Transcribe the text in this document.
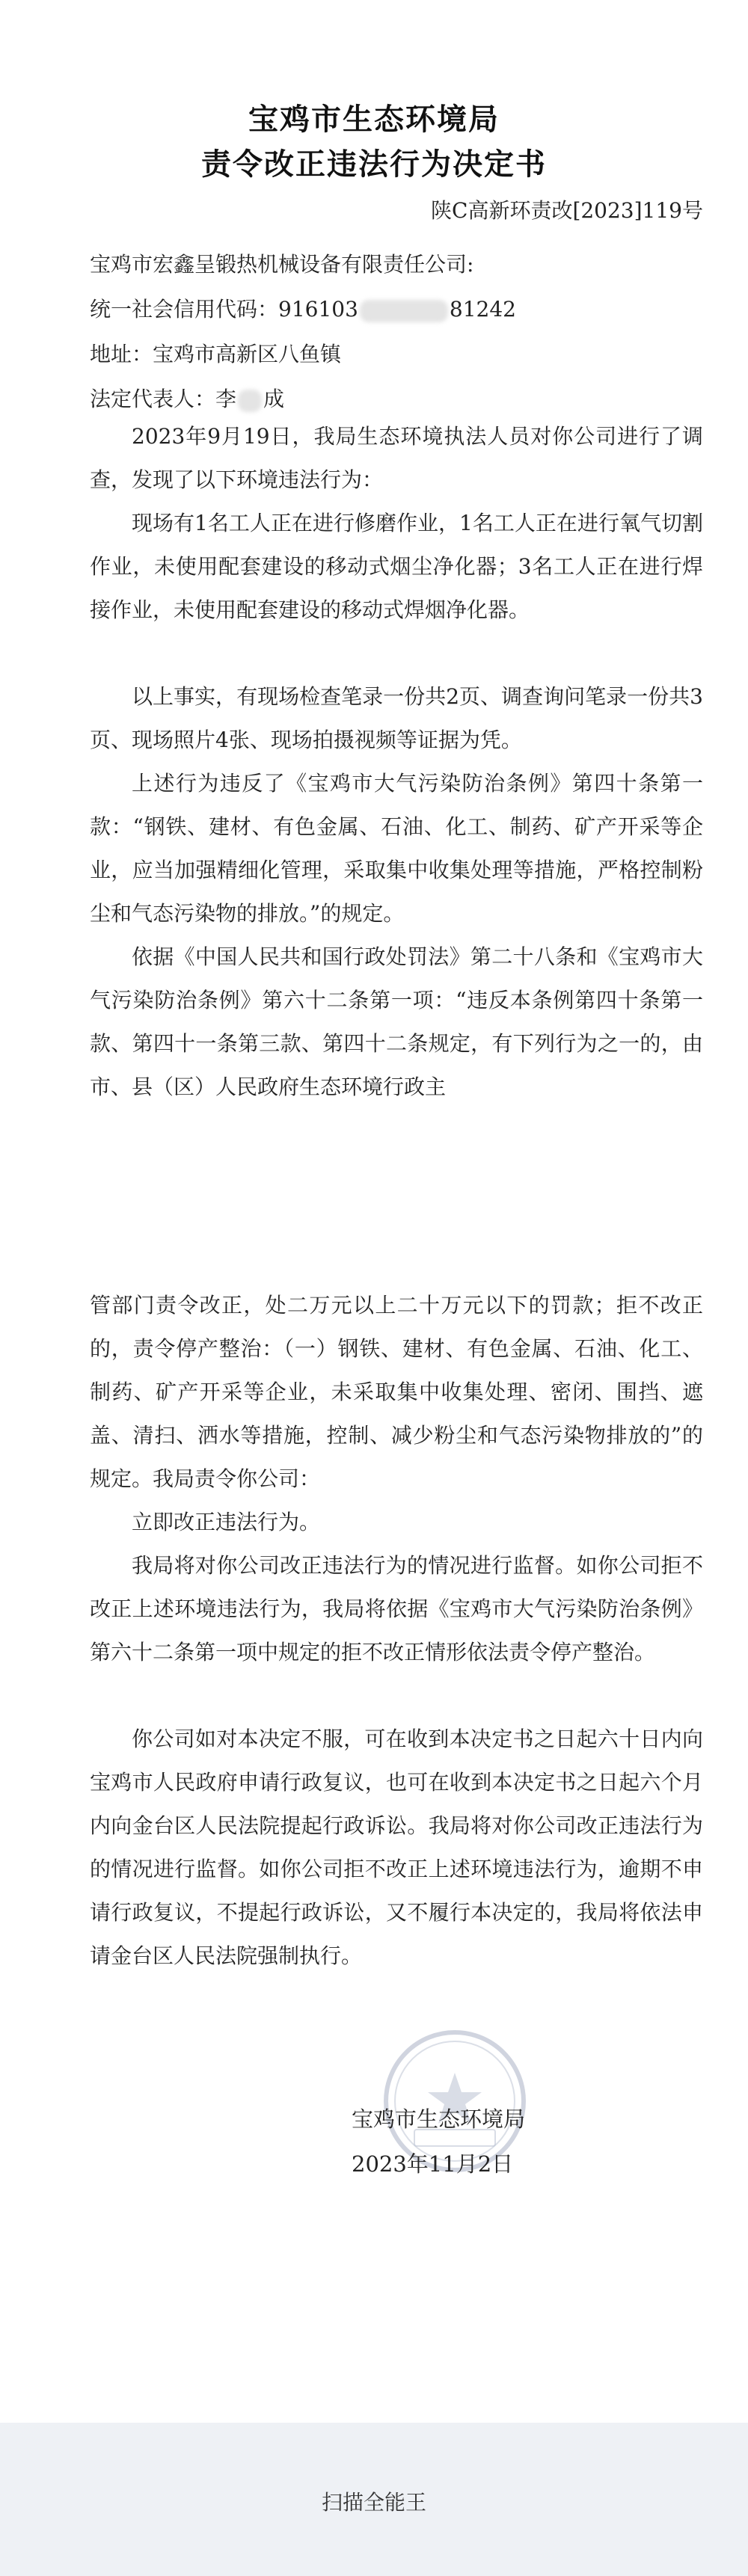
宝鸡市生态环境局
责令改正违法行为决定书
陕C高新环责改[2023]119号
宝鸡市宏鑫呈锻热机械设备有限责任公司:
统一社会信用代码：916103	81242
地址：宝鸡市高新区八鱼镇
法定代表人：李 成

2023年9月19日，我局生态环境执法人员对你公司进行了调查，发现了以下环境违法行为：

现场有1名工人正在进行修磨作业，1名工人正在进行氧气切割作业，未使用配套建设的移动式烟尘净化器；3名工人正在进行焊接作业，未使用配套建设的移动式焊烟净化器。

以上事实，有现场检查笔录一份共2页、调查询问笔录一份共3页、现场照片4张、现场拍摄视频等证据为凭。

上述行为违反了《宝鸡市大气污染防治条例》第四十条第一款：“钢铁、建材、有色金属、石油、化工、制药、矿产开采等企业，应当加强精细化管理，采取集中收集处理等措施，严格控制粉尘和气态污染物的排放。”的规定。

依据《中国人民共和国行政处罚法》第二十八条和《宝鸡市大气污染防治条例》第六十二条第一项：“违反本条例第四十条第一款、第四十一条第三款、第四十二条规定，有下列行为之一的，由市、县（区）人民政府生态环境行政主

管部门责令改正，处二万元以上二十万元以下的罚款；拒不改正的，责令停产整治：（一）钢铁、建材、有色金属、石油、化工、制药、矿产开采等企业，未采取集中收集处理、密闭、围挡、遮盖、清扫、洒水等措施，控制、减少粉尘和气态污染物排放的”的规定。我局责令你公司：

立即改正违法行为。

我局将对你公司改正违法行为的情况进行监督。如你公司拒不改正上述环境违法行为，我局将依据《宝鸡市大气污染防治条例》第六十二条第一项中规定的拒不改正情形依法责令停产整治。

你公司如对本决定不服，可在收到本决定书之日起六十日内向宝鸡市人民政府申请行政复议，也可在收到本决定书之日起六个月内向金台区人民法院提起行政诉讼。我局将对你公司改正违法行为的情况进行监督。如你公司拒不改正上述环境违法行为，逾期不申请行政复议，不提起行政诉讼，又不履行本决定的，我局将依法申请金台区人民法院强制执行。

宝鸡市生态环境局
2023年11月2日
扫描全能王
